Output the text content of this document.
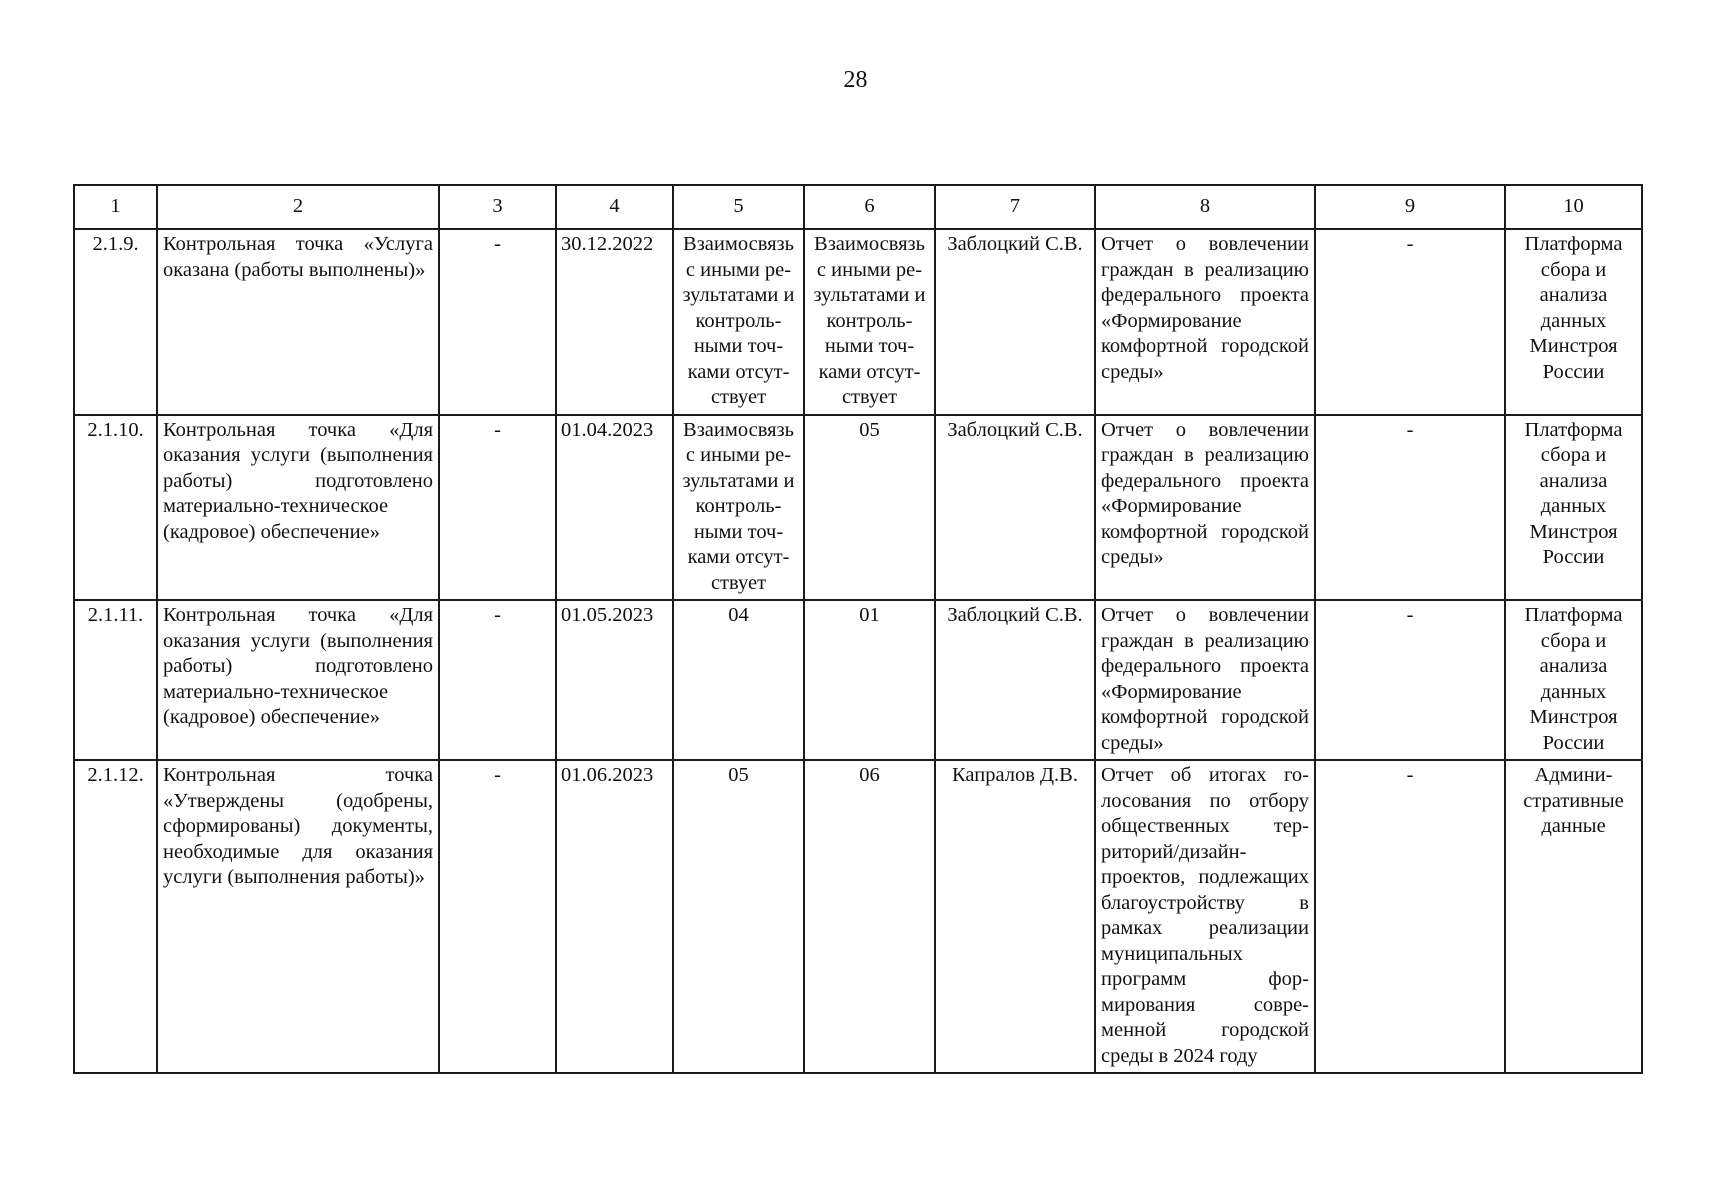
28
1	2	3	4	5	6	7	8	9	10
2.1.9.	Контрольная точка «Услуга оказана (работы выполнены)»	-	30.12.2022	Взаимосвязь с иными результатами и контрольными точками отсутствует	Взаимосвязь с иными результатами и контрольными точками отсутствует	Заблоцкий С.В.	Отчет о вовлечении граждан в реализацию федерального проекта «Формирование комфортной городской среды»	-	Платформа сбора и анализа данных Минстроя России
2.1.10.	Контрольная точка «Для оказания услуги (выполнения работы) подготовлено материально-техническое (кадровое) обеспечение»	-	01.04.2023	Взаимосвязь с иными результатами и контрольными точками отсутствует	05	Заблоцкий С.В.	Отчет о вовлечении граждан в реализацию федерального проекта «Формирование комфортной городской среды»	-	Платформа сбора и анализа данных Минстроя России
2.1.11.	Контрольная точка «Для оказания услуги (выполнения работы) подготовлено материально-техническое (кадровое) обеспечение»	-	01.05.2023	04	01	Заблоцкий С.В.	Отчет о вовлечении граждан в реализацию федерального проекта «Формирование комфортной городской среды»	-	Платформа сбора и анализа данных Минстроя России
2.1.12.	Контрольная точка «Утверждены (одобрены, сформированы) документы, необходимые для оказания услуги (выполнения работы)»	-	01.06.2023	05	06	Капралов Д.В.	Отчет об итогах голосования по отбору общественных территорий/дизайн-проектов, подлежащих благоустройству в рамках реализации муниципальных программ формирования современной городской среды в 2024 году	-	Административные данные
